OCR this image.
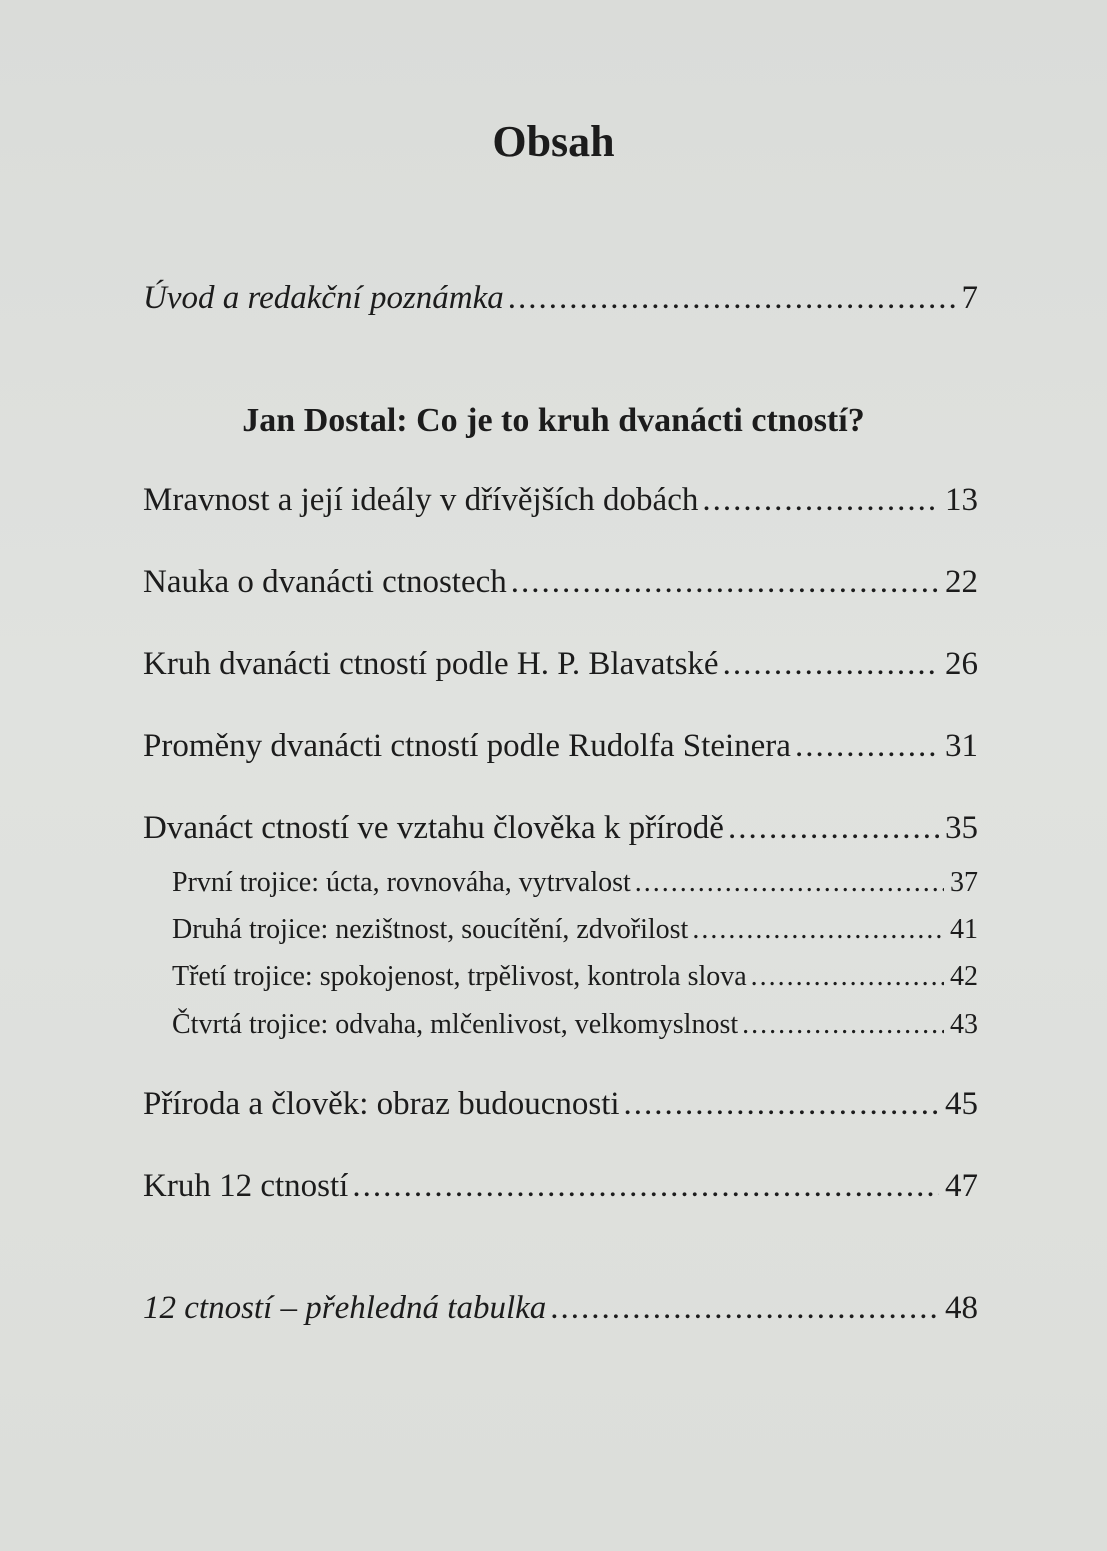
Obsah
Úvod a redakční poznámka .....	7
Jan Dostal: Co je to kruh dvanácti ctností?
Mravnost a její ideály v dřívějších dobách .....	13
Nauka o dvanácti ctnostech .....	22
Kruh dvanácti ctností podle H. P. Blavatské .....	26
Proměny dvanácti ctností podle Rudolfa Steinera .....	31
Dvanáct ctností ve vztahu člověka k přírodě .....	35
První trojice: úcta, rovnováha, vytrvalost .....	37
Druhá trojice: nezištnost, soucítění, zdvořilost .....	41
Třetí trojice: spokojenost, trpělivost, kontrola slova .....	42
Čtvrtá trojice: odvaha, mlčenlivost, velkomyslnost .....	43
Příroda a člověk: obraz budoucnosti .....	45
Kruh 12 ctností .....	47
12 ctností – přehledná tabulka .....	48
